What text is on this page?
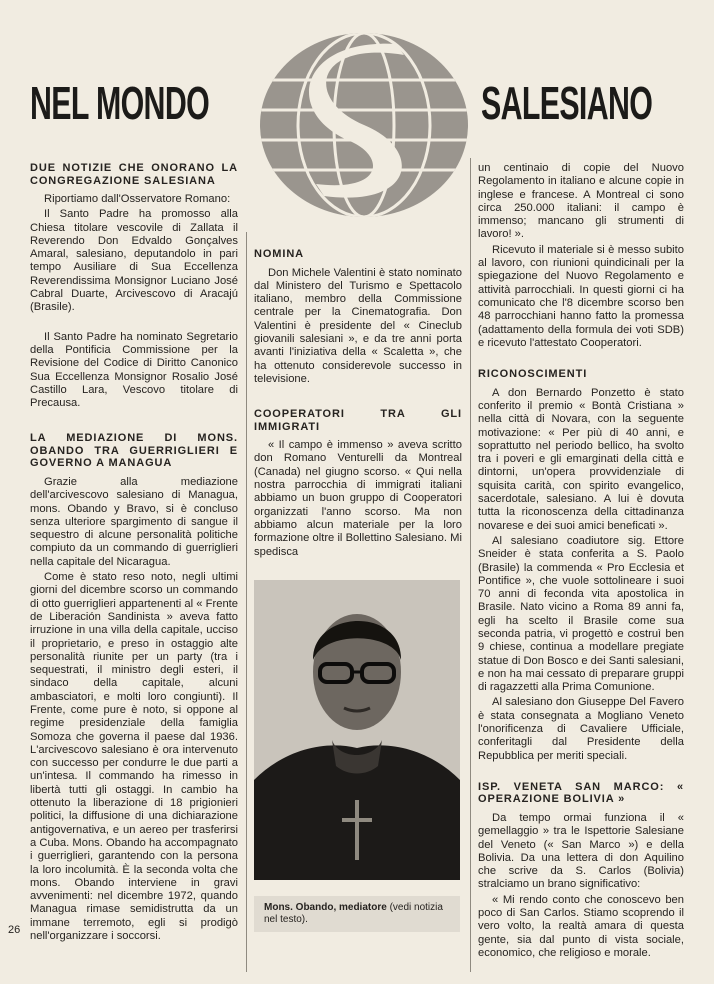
NEL MONDO	SALESIANO
DUE NOTIZIE CHE ONORANO LA CONGREGAZIONE SALESIANA

Riportiamo dall'Osservatore Romano:

Il Santo Padre ha promosso alla Chiesa titolare vescovile di Zallata il Reverendo Don Edvaldo Gonçalves Amaral, salesiano, deputandolo in pari tempo Ausiliare di Sua Eccellenza Reverendissima Monsignor Luciano José Cabral Duarte, Arcivescovo di Aracajú (Brasile).

Il Santo Padre ha nominato Segretario della Pontificia Commissione per la Revisione del Codice di Diritto Canonico Sua Eccellenza Monsignor Rosalio José Castillo Lara, Vescovo titolare di Precausa.

LA MEDIAZIONE DI MONS. OBANDO TRA GUERRIGLIERI E GOVERNO A MANAGUA

Grazie alla mediazione dell'arcivescovo salesiano di Managua, mons. Obando y Bravo, si è concluso senza ulteriore spargimento di sangue il sequestro di alcune personalità politiche compiuto da un commando di guerriglieri nella capitale del Nicaragua.

Come è stato reso noto, negli ultimi giorni del dicembre scorso un commando di otto guerriglieri appartenenti al « Frente de Liberación Sandinista » aveva fatto irruzione in una villa della capitale, ucciso il proprietario, e preso in ostaggio alte personalità riunite per un party (tra i sequestrati, il ministro degli esteri, il sindaco della capitale, alcuni ambasciatori, e molti loro congiunti). Il Frente, come pure è noto, si oppone al regime presidenziale della famiglia Somoza che governa il paese dal 1936. L'arcivescovo salesiano è ora intervenuto con successo per condurre le due parti a un'intesa. Il commando ha rimesso in libertà tutti gli ostaggi. In cambio ha ottenuto la liberazione di 18 prigionieri politici, la diffusione di una dichiarazione antigovernativa, e un aereo per trasferirsi a Cuba. Mons. Obando ha accompagnato i guerriglieri, garantendo con la persona la loro incolumità. È la seconda volta che mons. Obando interviene in gravi avvenimenti: nel dicembre 1972, quando Managua rimase semidistrutta da un immane terremoto, egli si prodigò nell'organizzare i soccorsi.

NOMINA

Don Michele Valentini è stato nominato dal Ministero del Turismo e Spettacolo italiano, membro della Commissione centrale per la Cinematografia. Don Valentini è presidente del « Cineclub giovanili salesiani », e da tre anni porta avanti l'iniziativa della « Scaletta », che ha ottenuto considerevole successo in televisione.

COOPERATORI TRA GLI IMMIGRATI

« Il campo è immenso » aveva scritto don Romano Venturelli da Montreal (Canada) nel giugno scorso. « Qui nella nostra parrocchia di immigrati italiani abbiamo un buon gruppo di Cooperatori organizzati l'anno scorso. Ma non abbiamo alcun materiale per la loro formazione oltre il Bollettino Salesiano. Mi spedisca

Mons. Obando, mediatore (vedi notizia nel testo).

un centinaio di copie del Nuovo Regolamento in italiano e alcune copie in inglese e francese. A Montreal ci sono circa 250.000 italiani: il campo è immenso; mancano gli strumenti di lavoro! ».

Ricevuto il materiale si è messo subito al lavoro, con riunioni quindicinali per la spiegazione del Nuovo Regolamento e attività parrocchiali. In questi giorni ci ha comunicato che l'8 dicembre scorso ben 48 parrocchiani hanno fatto la promessa (adattamento della formula dei voti SDB) e ricevuto l'attestato Cooperatori.

RICONOSCIMENTI

A don Bernardo Ponzetto è stato conferito il premio « Bontà Cristiana » nella città di Novara, con la seguente motivazione: « Per più di 40 anni, e soprattutto nel periodo bellico, ha svolto tra i poveri e gli emarginati della città e dintorni, un'opera provvidenziale di squisita carità, con spirito evangelico, sacerdotale, salesiano. A lui è dovuta tutta la riconoscenza della cittadinanza novarese e dei suoi amici beneficati ».

Al salesiano coadiutore sig. Ettore Sneider è stata conferita a S. Paolo (Brasile) la commenda « Pro Ecclesia et Pontifice », che vuole sottolineare i suoi 70 anni di feconda vita apostolica in Brasile. Nato vicino a Roma 89 anni fa, egli ha scelto il Brasile come sua seconda patria, vi progettò e costruì ben 9 chiese, continua a modellare pregiate statue di Don Bosco e dei Santi salesiani, e non ha mai cessato di preparare gruppi di ragazzetti alla Prima Comunione.

Al salesiano don Giuseppe Del Favero è stata consegnata a Mogliano Veneto l'onorificenza di Cavaliere Ufficiale, conferitagli dal Presidente della Repubblica per meriti speciali.

ISP. VENETA SAN MARCO: « OPERAZIONE BOLIVIA »

Da tempo ormai funziona il « gemellaggio » tra le Ispettorie Salesiane del Veneto (« San Marco ») e della Bolivia. Da una lettera di don Aquilino che scrive da S. Carlos (Bolivia) stralciamo un brano significativo:

« Mi rendo conto che conoscevo ben poco di San Carlos. Stiamo scoprendo il vero volto, la realtà amara di questa gente, sia dal punto di vista sociale, economico, che religioso e morale.

26
